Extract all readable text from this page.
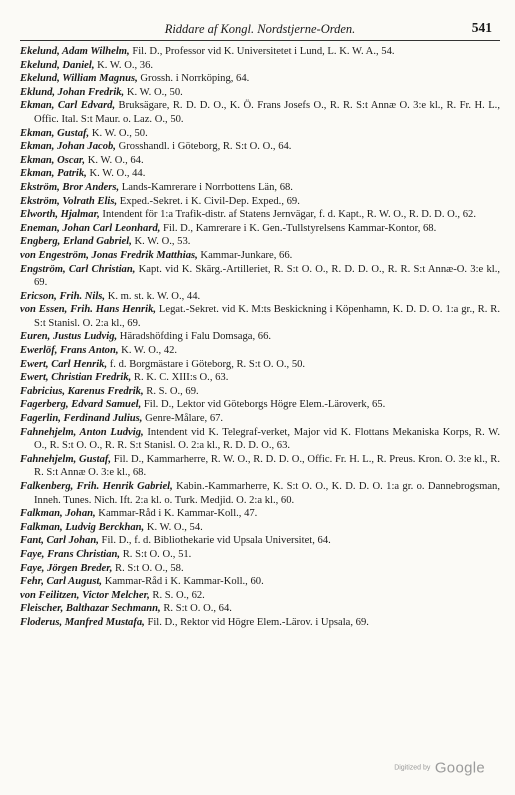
Riddare af Kongl. Nordstjerne-Orden.	541

Ekelund, Adam Wilhelm, Fil. D., Professor vid K. Universitetet i Lund, L. K. W. A., 54.

Ekelund, Daniel, K. W. O., 36.

Ekelund, William Magnus, Grossh. i Norrköping, 64.

Eklund, Johan Fredrik, K. W. O., 50.

Ekman, Carl Edvard, Bruksägare, R. D. D. O., K. Ö. Frans Josefs O., R. R. S:t Annæ O. 3:e kl., R. Fr. H. L., Offic. Ital. S:t Maur. o. Laz. O., 50.

Ekman, Gustaf, K. W. O., 50.

Ekman, Johan Jacob, Grosshandl. i Göteborg, R. S:t O. O., 64.

Ekman, Oscar, K. W. O., 64.

Ekman, Patrik, K. W. O., 44.

Ekström, Bror Anders, Lands-Kamrerare i Norrbottens Län, 68.

Ekström, Volrath Elis, Exped.-Sekret. i K. Civil-Dep. Exped., 69.

Elworth, Hjalmar, Intendent för 1:a Trafik-distr. af Statens Jernvägar, f. d. Kapt., R. W. O., R. D. D. O., 62.

Eneman, Johan Carl Leonhard, Fil. D., Kamrerare i K. Gen.-Tullstyrelsens Kammar-Kontor, 68.

Engberg, Erland Gabriel, K. W. O., 53.

von Engeström, Jonas Fredrik Matthias, Kammar-Junkare, 66.

Engström, Carl Christian, Kapt. vid K. Skärg.-Artilleriet, R. S:t O. O., R. D. D. O., R. R. S:t Annæ-O. 3:e kl., 69.

Ericson, Frih. Nils, K. m. st. k. W. O., 44.

von Essen, Frih. Hans Henrik, Legat.-Sekret. vid K. M:ts Beskickning i Köpenhamn, K. D. D. O. 1:a gr., R. R. S:t Stanisl. O. 2:a kl., 69.

Euren, Justus Ludvig, Häradshöfding i Falu Domsaga, 66.

Ewerlöf, Frans Anton, K. W. O., 42.

Ewert, Carl Henrik, f. d. Borgmästare i Göteborg, R. S:t O. O., 50.

Ewert, Christian Fredrik, R. K. C. XIII:s O., 63.

Fabricius, Karenus Fredrik, R. S. O., 69.

Fagerberg, Edvard Samuel, Fil. D., Lektor vid Göteborgs Högre Elem.-Läroverk, 65.

Fagerlin, Ferdinand Julius, Genre-Målare, 67.

Fahnehjelm, Anton Ludvig, Intendent vid K. Telegraf-verket, Major vid K. Flottans Mekaniska Korps, R. W. O., R. S:t O. O., R. R. S:t Stanisl. O. 2:a kl., R. D. D. O., 63.

Fahnehjelm, Gustaf, Fil. D., Kammarherre, R. W. O., R. D. D. O., Offic. Fr. H. L., R. Preus. Kron. O. 3:e kl., R. R. S:t Annæ O. 3:e kl., 68.

Falkenberg, Frih. Henrik Gabriel, Kabin.-Kammarherre, K. S:t O. O., K. D. D. O. 1:a gr. o. Dannebrogsman, Inneh. Tunes. Nich. Ift. 2:a kl. o. Turk. Medjid. O. 2:a kl., 60.

Falkman, Johan, Kammar-Råd i K. Kammar-Koll., 47.

Falkman, Ludvig Berckhan, K. W. O., 54.

Fant, Carl Johan, Fil. D., f. d. Bibliothekarie vid Upsala Universitet, 64.

Faye, Frans Christian, R. S:t O. O., 51.

Faye, Jörgen Breder, R. S:t O. O., 58.

Fehr, Carl August, Kammar-Råd i K. Kammar-Koll., 60.

von Feilitzen, Victor Melcher, R. S. O., 62.

Fleischer, Balthazar Sechmann, R. S:t O. O., 64.

Floderus, Manfred Mustafa, Fil. D., Rektor vid Högre Elem.-Lärov. i Upsala, 69.

Digitized by Google
